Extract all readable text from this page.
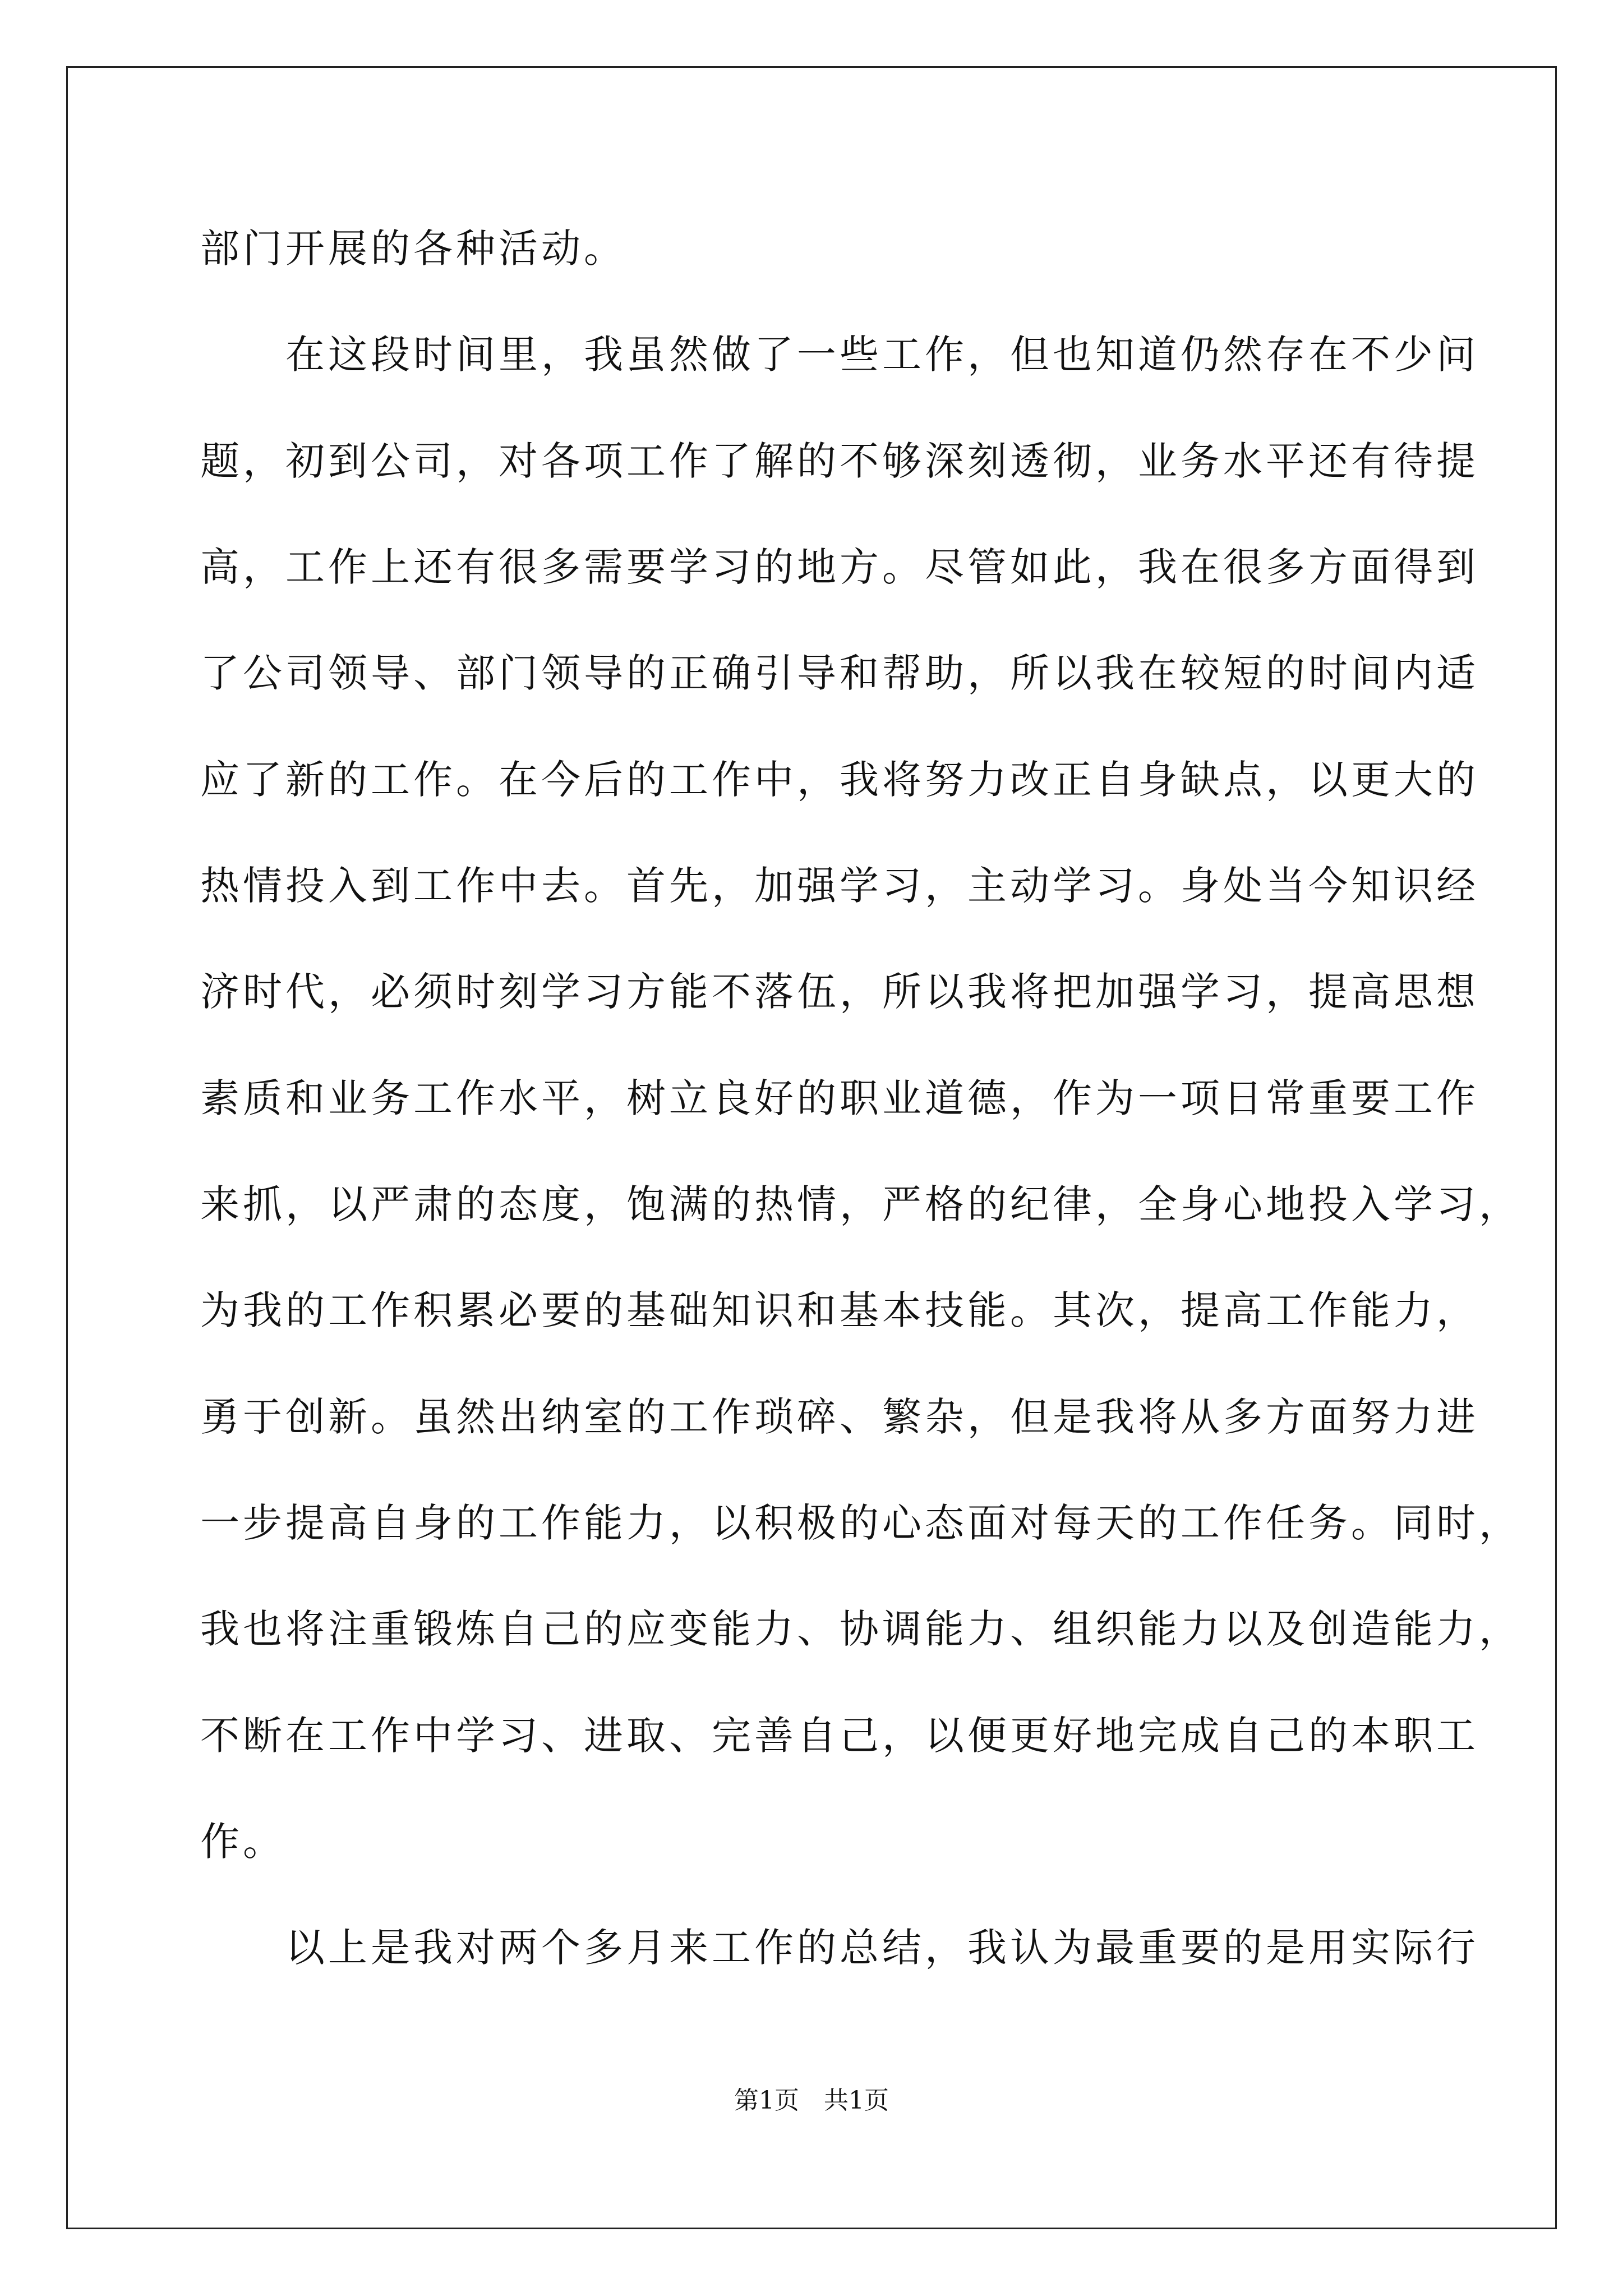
部门开展的各种活动。
　　在这段时间里，我虽然做了一些工作，但也知道仍然存在不少问
题，初到公司，对各项工作了解的不够深刻透彻，业务水平还有待提
高，工作上还有很多需要学习的地方。尽管如此，我在很多方面得到
了公司领导、部门领导的正确引导和帮助，所以我在较短的时间内适
应了新的工作。在今后的工作中，我将努力改正自身缺点，以更大的
热情投入到工作中去。首先，加强学习，主动学习。身处当今知识经
济时代，必须时刻学习方能不落伍，所以我将把加强学习，提高思想
素质和业务工作水平，树立良好的职业道德，作为一项日常重要工作
来抓，以严肃的态度，饱满的热情，严格的纪律，全身心地投入学习，
为我的工作积累必要的基础知识和基本技能。其次，提高工作能力，
勇于创新。虽然出纳室的工作琐碎、繁杂，但是我将从多方面努力进
一步提高自身的工作能力，以积极的心态面对每天的工作任务。同时，
我也将注重锻炼自己的应变能力、协调能力、组织能力以及创造能力，
不断在工作中学习、进取、完善自己，以便更好地完成自己的本职工
作。
　　以上是我对两个多月来工作的总结，我认为最重要的是用实际行
第1页　共1页
